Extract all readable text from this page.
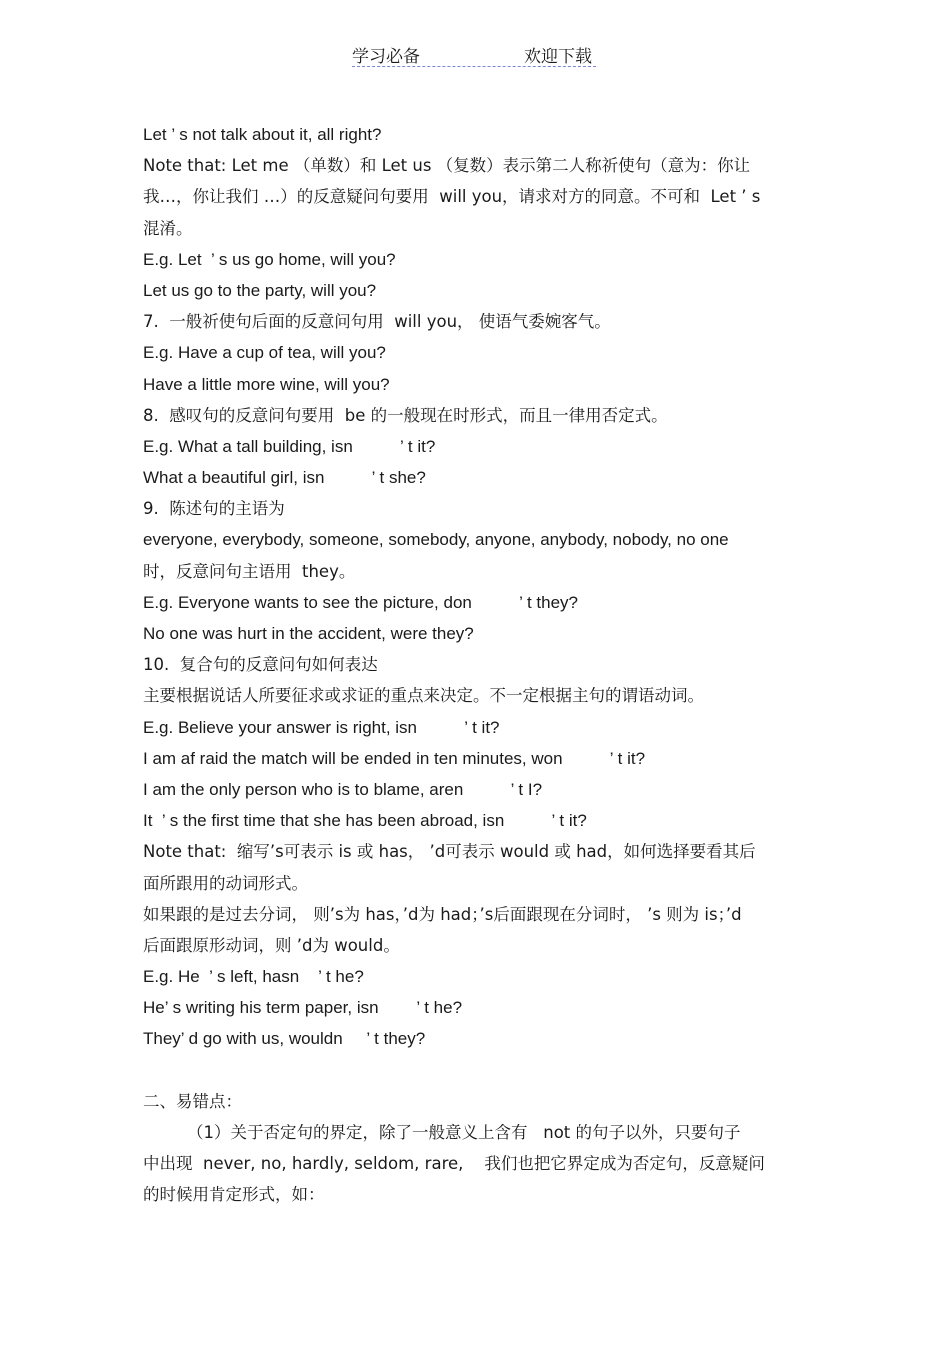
学习必备	欢迎下载
Let ’ s not talk about it, all right?
Note that: Let me （单数）和 Let us （复数）表示第二人称祈使句（意为：你让
我…，你让我们 …）的反意疑问句要用  will you，请求对方的同意。不可和  Let ’ s
混淆。
E.g. Let  ’ s us go home, will you?
Let us go to the party, will you?
7.  一般祈使句后面的反意问句用  will you， 使语气委婉客气。
E.g. Have a cup of tea, will you?
Have a little more wine, will you?
8.  感叹句的反意问句要用  be 的一般现在时形式，而且一律用否定式。
E.g. What a tall building, isn          ’ t it?
What a beautiful girl, isn          ’ t she?
9.  陈述句的主语为
everyone, everybody, someone, somebody, anyone, anybody, nobody, no one
时，反意问句主语用  they。
E.g. Everyone wants to see the picture, don          ’ t they?
No one was hurt in the accident, were they?
10.  复合句的反意问句如何表达
主要根据说话人所要征求或求证的重点来决定。不一定根据主句的谓语动词。
E.g. Believe your answer is right, isn          ’ t it?
I am af raid the match will be ended in ten minutes, won          ’ t it?
I am the only person who is to blame, aren          ’ t I?
It  ’ s the first time that she has been abroad, isn          ’ t it?
Note that:  缩写’s可表示 is 或 has， ’d可表示 would 或 had，如何选择要看其后
面所跟用的动词形式。
如果跟的是过去分词， 则’s为 has，’d为 had；’s后面跟现在分词时， ’s 则为 is；’d
后面跟原形动词，则 ’d为 would。
E.g. He  ’ s left, hasn    ’ t he?
He’ s writing his term paper, isn        ’ t he?
They’ d go with us, wouldn     ’ t they?
二、易错点：
（1）关于否定句的界定，除了一般意义上含有   not 的句子以外，只要句子
中出现  never, no, hardly, seldom, rare,    我们也把它界定成为否定句，反意疑问
的时候用肯定形式，如：
